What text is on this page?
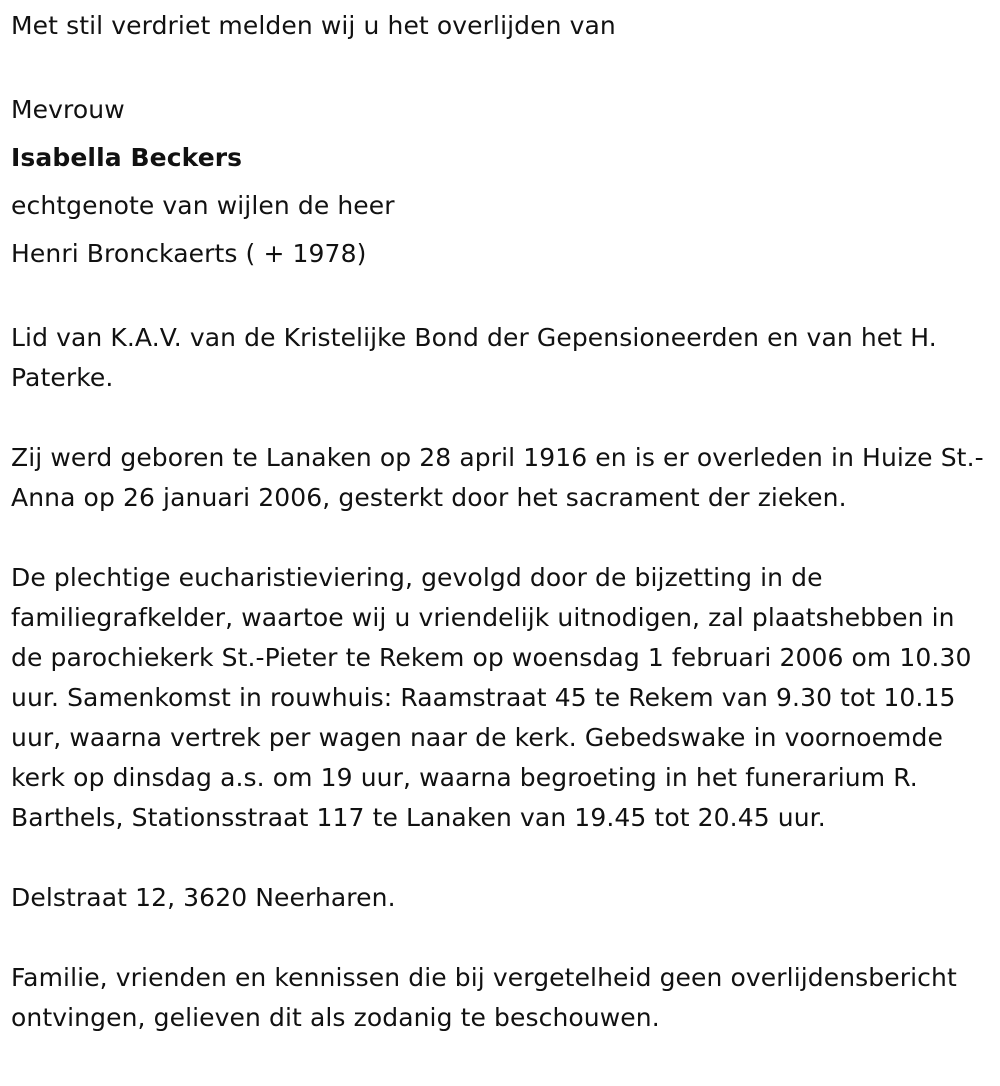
Met stil verdriet melden wij u het overlijden van

Mevrouw
Isabella Beckers
echtgenote van wijlen de heer
Henri Bronckaerts ( + 1978)

Lid van K.A.V. van de Kristelijke Bond der Gepensioneerden en van het H. Paterke.

Zij werd geboren te Lanaken op 28 april 1916 en is er overleden in Huize St.-Anna op 26 januari 2006, gesterkt door het sacrament der zieken.

De plechtige eucharistieviering, gevolgd door de bijzetting in de familiegrafkelder, waartoe wij u vriendelijk uitnodigen, zal plaatshebben in de parochiekerk St.-Pieter te Rekem op woensdag 1 februari 2006 om 10.30 uur. Samenkomst in rouwhuis: Raamstraat 45 te Rekem van 9.30 tot 10.15 uur, waarna vertrek per wagen naar de kerk. Gebedswake in voornoemde kerk op dinsdag a.s. om 19 uur, waarna begroeting in het funerarium R. Barthels, Stationsstraat 117 te Lanaken van 19.45 tot 20.45 uur.

Delstraat 12, 3620 Neerharen.

Familie, vrienden en kennissen die bij vergetelheid geen overlijdensbericht ontvingen, gelieven dit als zodanig te beschouwen.
